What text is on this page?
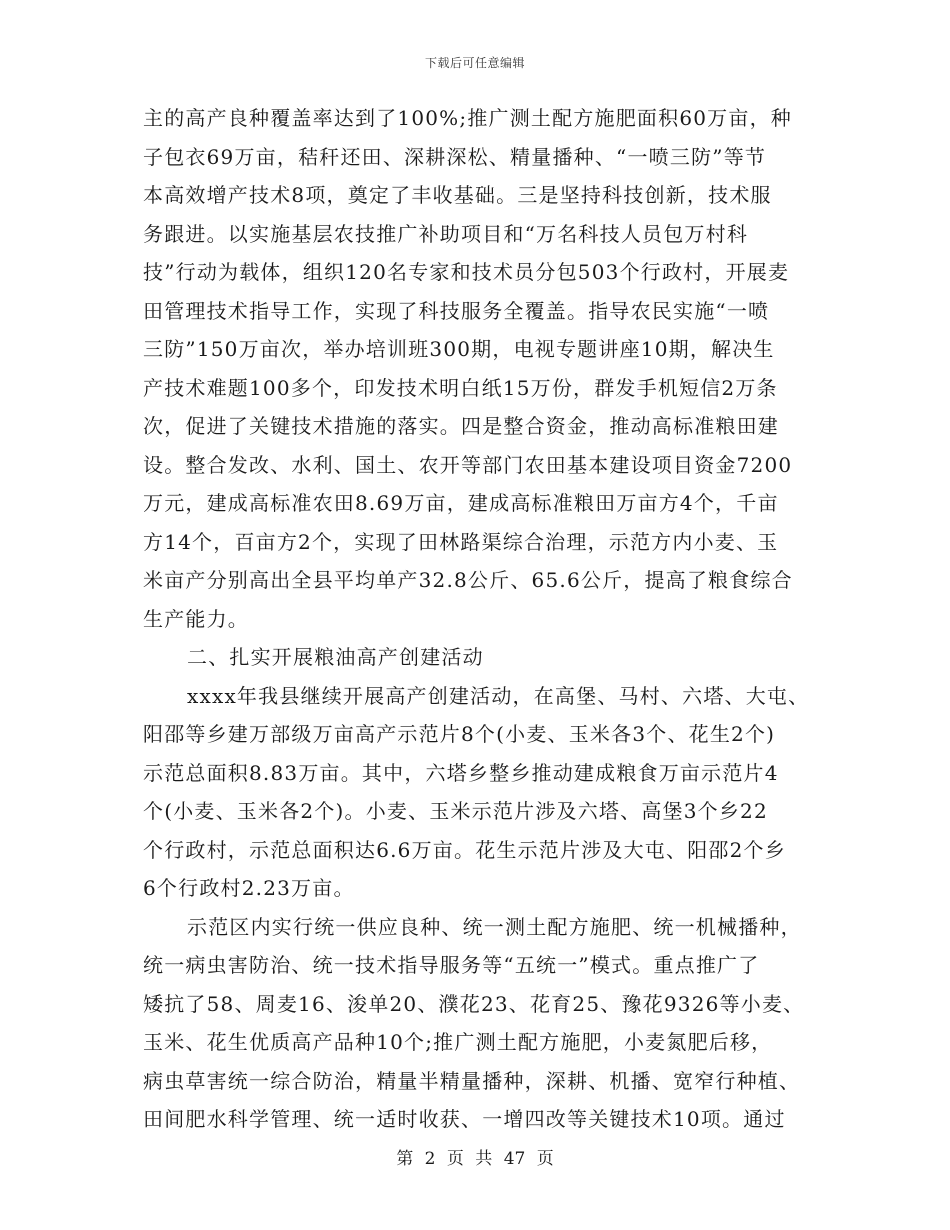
下载后可任意编辑
主的高产良种覆盖率达到了100%;推广测土配方施肥面积60万亩，种
子包衣69万亩，秸秆还田、深耕深松、精量播种、“一喷三防”等节
本高效增产技术8项，奠定了丰收基础。三是坚持科技创新，技术服
务跟进。以实施基层农技推广补助项目和“万名科技人员包万村科
技”行动为载体，组织120名专家和技术员分包503个行政村，开展麦
田管理技术指导工作，实现了科技服务全覆盖。指导农民实施“一喷
三防”150万亩次，举办培训班300期，电视专题讲座10期，解决生
产技术难题100多个，印发技术明白纸15万份，群发手机短信2万条
次，促进了关键技术措施的落实。四是整合资金，推动高标准粮田建
设。整合发改、水利、国土、农开等部门农田基本建设项目资金7200
万元，建成高标准农田8.69万亩，建成高标准粮田万亩方4个，千亩
方14个，百亩方2个，实现了田林路渠综合治理，示范方内小麦、玉
米亩产分别高出全县平均单产32.8公斤、65.6公斤，提高了粮食综合
生产能力。
二、扎实开展粮油高产创建活动
xxxx年我县继续开展高产创建活动，在高堡、马村、六塔、大屯、
阳邵等乡建万部级万亩高产示范片8个(小麦、玉米各3个、花生2个)
示范总面积8.83万亩。其中，六塔乡整乡推动建成粮食万亩示范片4
个(小麦、玉米各2个)。小麦、玉米示范片涉及六塔、高堡3个乡22
个行政村，示范总面积达6.6万亩。花生示范片涉及大屯、阳邵2个乡
6个行政村2.23万亩。
示范区内实行统一供应良种、统一测土配方施肥、统一机械播种，
统一病虫害防治、统一技术指导服务等“五统一”模式。重点推广了
矮抗了58、周麦16、浚单20、濮花23、花育25、豫花9326等小麦、
玉米、花生优质高产品种10个;推广测土配方施肥，小麦氮肥后移，
病虫草害统一综合防治，精量半精量播种，深耕、机播、宽窄行种植、
田间肥水科学管理、统一适时收获、一增四改等关键技术10项。通过
第 2 页 共 47 页
